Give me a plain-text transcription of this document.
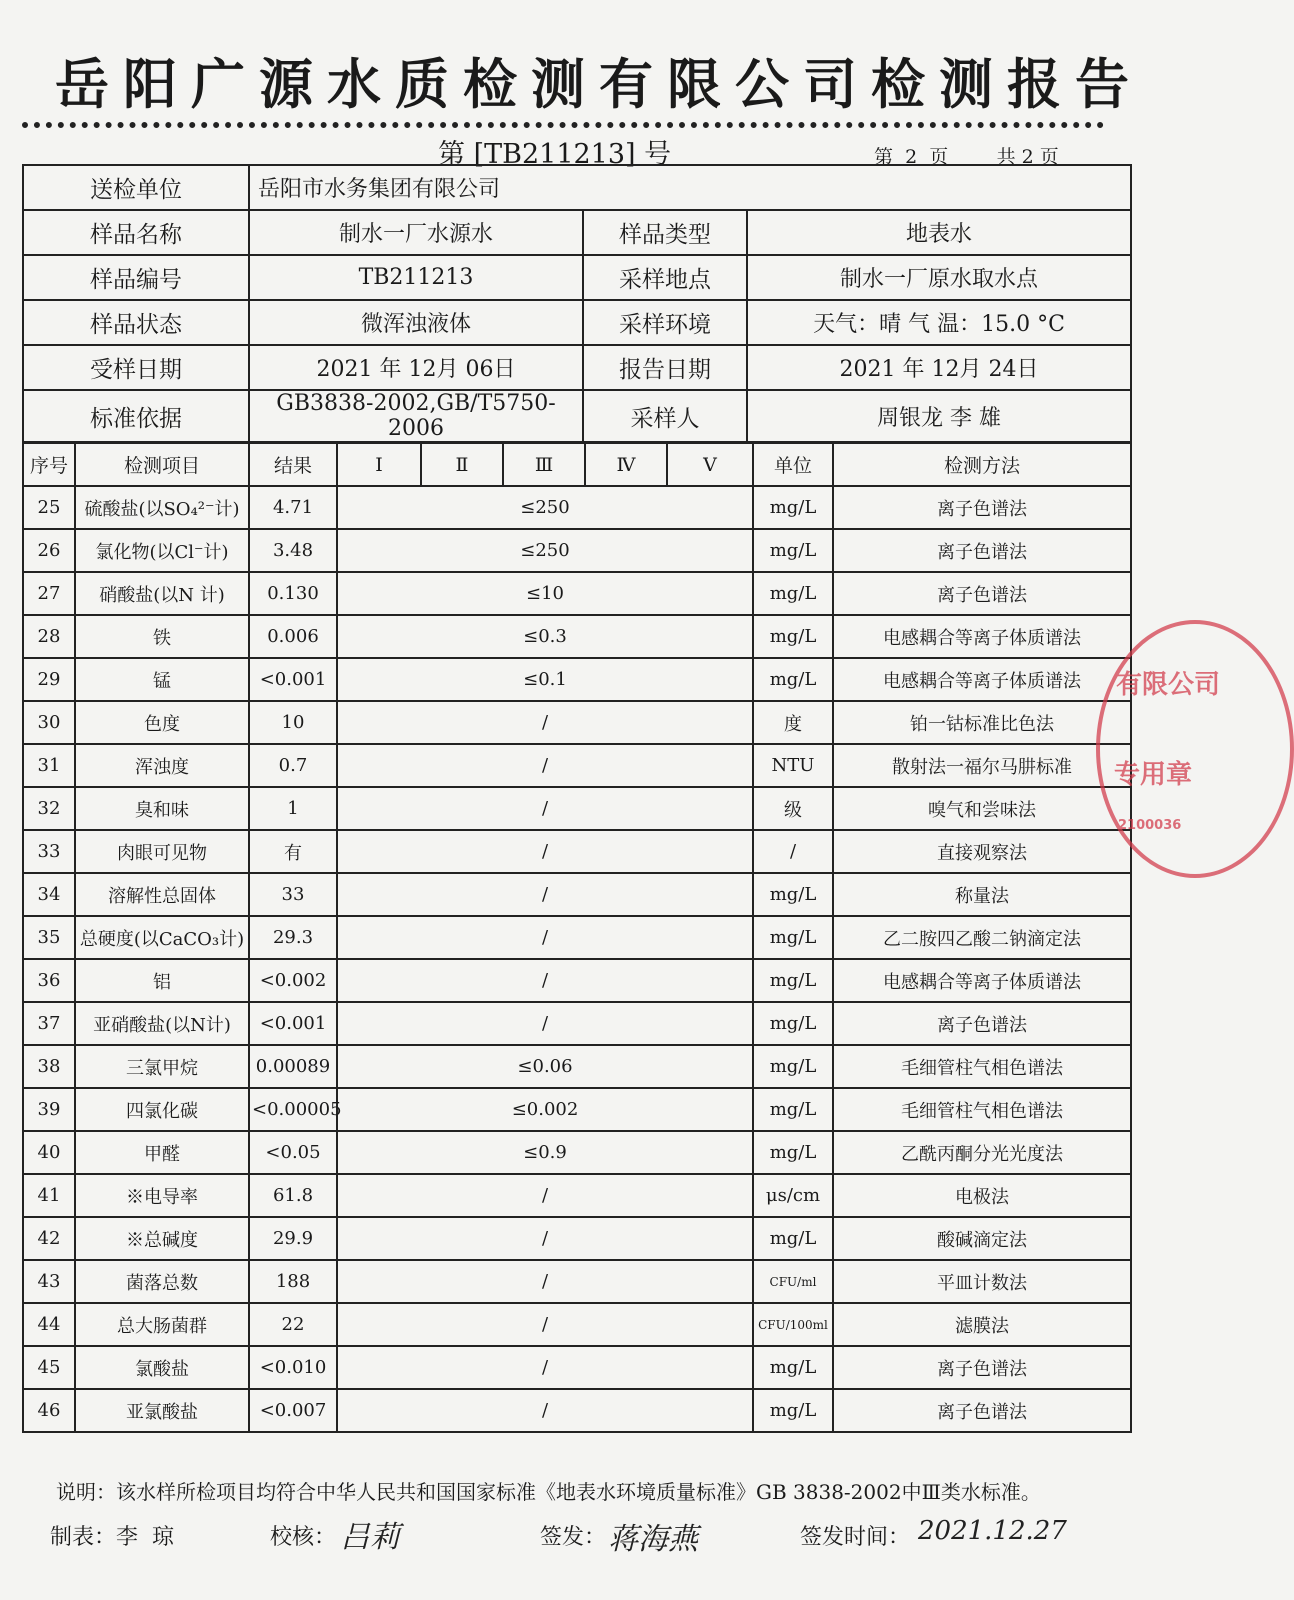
岳阳广源水质检测有限公司检测报告
第 [TB211213] 号	第  2  页        共 2 页
送检单位	岳阳市水务集团有限公司		
样品名称	制水一厂水源水	样品类型	地表水
样品编号	TB211213	采样地点	制水一厂原水取水点
样品状态	微浑浊液体	采样环境	天气：晴 气 温：15.0 °C
受样日期	2021 年 12月 06日	报告日期	2021 年 12月 24日
标准依据	GB3838-2002,GB/T5750-2006	采样人	周银龙 李 雄
序号	检测项目	结果	Ⅰ	Ⅱ	Ⅲ	Ⅳ	Ⅴ	单位	检测方法
25	硫酸盐(以SO₄²⁻计)	4.71	≤250					mg/L	离子色谱法
26	氯化物(以Cl⁻计)	3.48	≤250					mg/L	离子色谱法
27	硝酸盐(以N 计)	0.130	≤10					mg/L	离子色谱法
28	铁	0.006	≤0.3					mg/L	电感耦合等离子体质谱法
29	锰	<0.001	≤0.1					mg/L	电感耦合等离子体质谱法
30	色度	10	/					度	铂一钴标准比色法
31	浑浊度	0.7	/					NTU	散射法一福尔马肼标准
32	臭和味	1	/					级	嗅气和尝味法
33	肉眼可见物	有	/					/	直接观察法
34	溶解性总固体	33	/					mg/L	称量法
35	总硬度(以CaCO₃计)	29.3	/					mg/L	乙二胺四乙酸二钠滴定法
36	铝	<0.002	/					mg/L	电感耦合等离子体质谱法
37	亚硝酸盐(以N计)	<0.001	/					mg/L	离子色谱法
38	三氯甲烷	0.00089	≤0.06					mg/L	毛细管柱气相色谱法
39	四氯化碳	<0.00005	≤0.002					mg/L	毛细管柱气相色谱法
40	甲醛	<0.05	≤0.9					mg/L	乙酰丙酮分光光度法
41	※电导率	61.8	/					μs/cm	电极法
42	※总碱度	29.9	/					mg/L	酸碱滴定法
43	菌落总数	188	/					CFU/ml	平皿计数法
44	总大肠菌群	22	/					CFU/100ml	滤膜法
45	氯酸盐	<0.010	/					mg/L	离子色谱法
46	亚氯酸盐	<0.007	/					mg/L	离子色谱法
说明：该水样所检项目均符合中华人民共和国国家标准《地表水环境质量标准》GB 3838-2002中Ⅲ类水标准。
制表：李  琼	校核： 吕莉	签发： 蒋海燕	签发时间： 2021.12.27
有限公司
专用章
2100036
